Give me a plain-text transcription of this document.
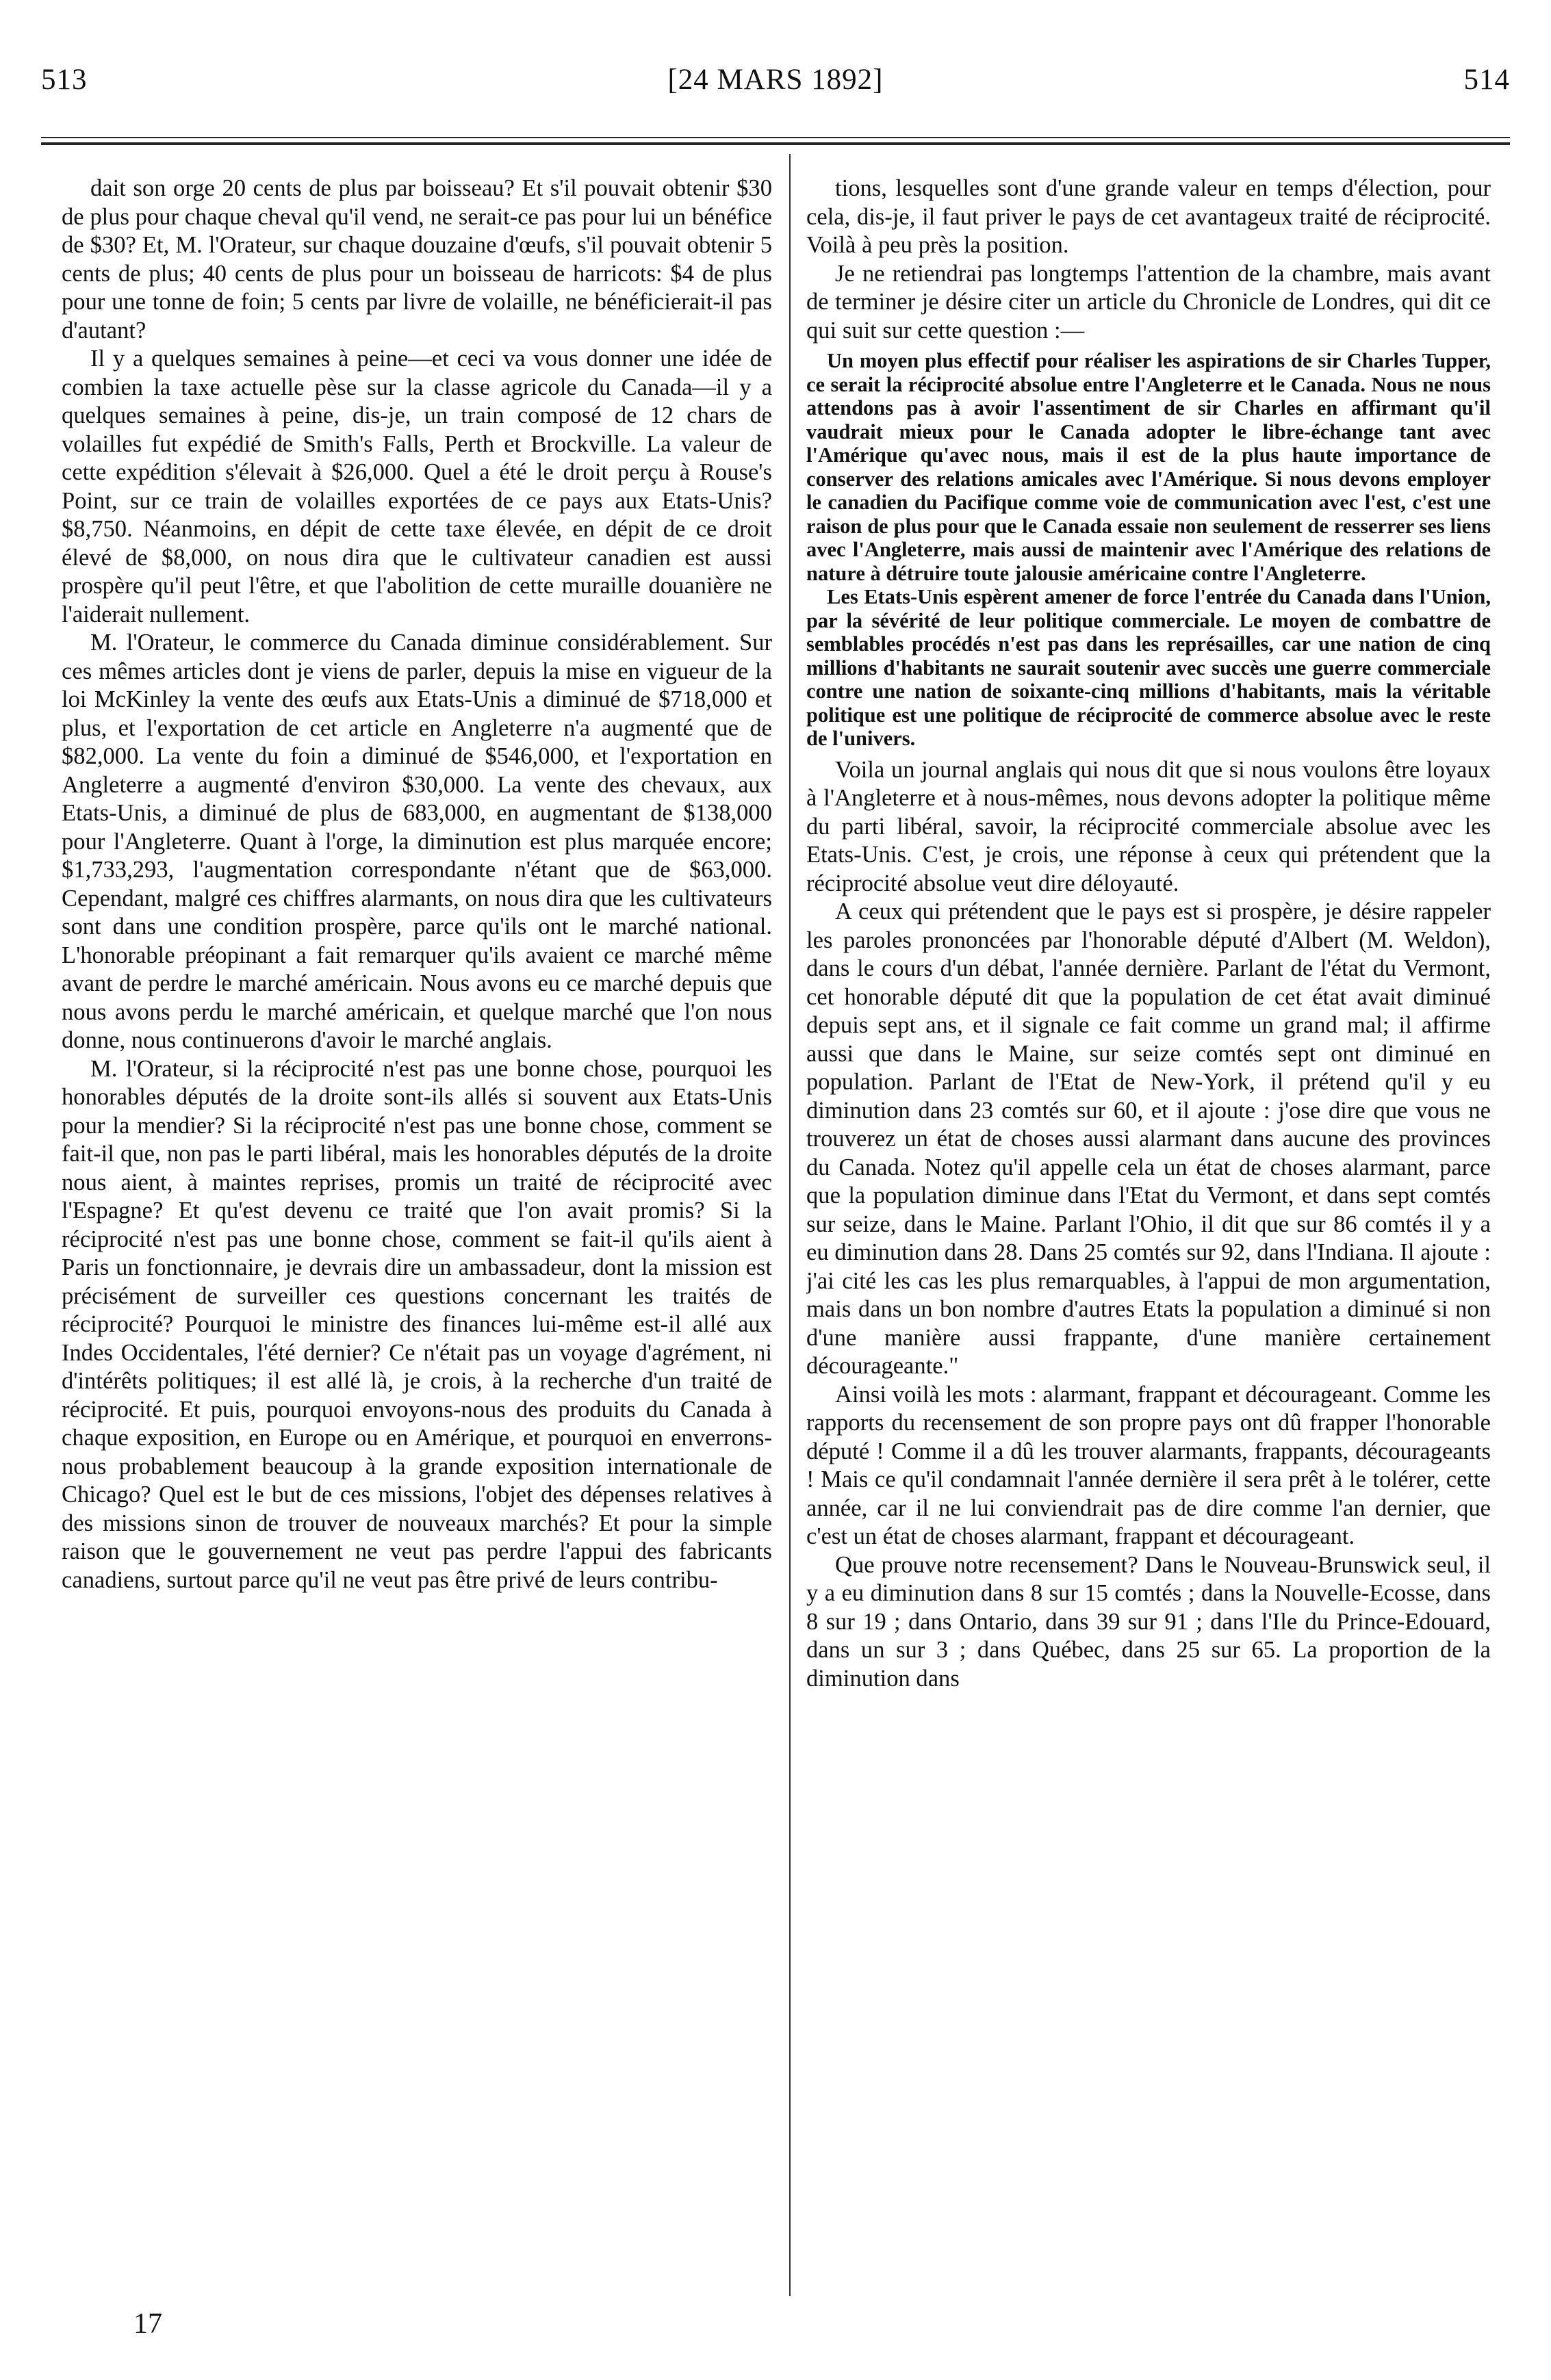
513	[24 MARS 1892]	514

dait son orge 20 cents de plus par boisseau? Et s'il pouvait obtenir $30 de plus pour chaque cheval qu'il vend, ne serait-ce pas pour lui un bénéfice de $30? Et, M. l'Orateur, sur chaque douzaine d'œufs, s'il pouvait obtenir 5 cents de plus; 40 cents de plus pour un boisseau de harricots: $4 de plus pour une tonne de foin; 5 cents par livre de volaille, ne bénéficierait-il pas d'autant?

Il y a quelques semaines à peine—et ceci va vous donner une idée de combien la taxe actuelle pèse sur la classe agricole du Canada—il y a quelques semaines à peine, dis-je, un train composé de 12 chars de volailles fut expédié de Smith's Falls, Perth et Brockville. La valeur de cette expédition s'élevait à $26,000. Quel a été le droit perçu à Rouse's Point, sur ce train de volailles exportées de ce pays aux Etats-Unis? $8,750. Néanmoins, en dépit de cette taxe élevée, en dépit de ce droit élevé de $8,000, on nous dira que le cultivateur canadien est aussi prospère qu'il peut l'être, et que l'abolition de cette muraille douanière ne l'aiderait nullement.

M. l'Orateur, le commerce du Canada diminue considérablement. Sur ces mêmes articles dont je viens de parler, depuis la mise en vigueur de la loi McKinley la vente des œufs aux Etats-Unis a diminué de $718,000 et plus, et l'exportation de cet article en Angleterre n'a augmenté que de $82,000. La vente du foin a diminué de $546,000, et l'exportation en Angleterre a augmenté d'environ $30,000. La vente des chevaux, aux Etats-Unis, a diminué de plus de 683,000, en augmentant de $138,000 pour l'Angleterre. Quant à l'orge, la diminution est plus marquée encore; $1,733,293, l'augmentation correspondante n'étant que de $63,000. Cependant, malgré ces chiffres alarmants, on nous dira que les cultivateurs sont dans une condition prospère, parce qu'ils ont le marché national. L'honorable préopinant a fait remarquer qu'ils avaient ce marché même avant de perdre le marché américain. Nous avons eu ce marché depuis que nous avons perdu le marché américain, et quelque marché que l'on nous donne, nous continuerons d'avoir le marché anglais.

M. l'Orateur, si la réciprocité n'est pas une bonne chose, pourquoi les honorables députés de la droite sont-ils allés si souvent aux Etats-Unis pour la mendier? Si la réciprocité n'est pas une bonne chose, comment se fait-il que, non pas le parti libéral, mais les honorables députés de la droite nous aient, à maintes reprises, promis un traité de réciprocité avec l'Espagne? Et qu'est devenu ce traité que l'on avait promis? Si la réciprocité n'est pas une bonne chose, comment se fait-il qu'ils aient à Paris un fonctionnaire, je devrais dire un ambassadeur, dont la mission est précisément de surveiller ces questions concernant les traités de réciprocité? Pourquoi le ministre des finances lui-même est-il allé aux Indes Occidentales, l'été dernier? Ce n'était pas un voyage d'agrément, ni d'intérêts politiques; il est allé là, je crois, à la recherche d'un traité de réciprocité. Et puis, pourquoi envoyons-nous des produits du Canada à chaque exposition, en Europe ou en Amérique, et pourquoi en enverrons-nous probablement beaucoup à la grande exposition internationale de Chicago? Quel est le but de ces missions, l'objet des dépenses relatives à des missions sinon de trouver de nouveaux marchés? Et pour la simple raison que le gouvernement ne veut pas perdre l'appui des fabricants canadiens, surtout parce qu'il ne veut pas être privé de leurs contribu-

tions, lesquelles sont d'une grande valeur en temps d'élection, pour cela, dis-je, il faut priver le pays de cet avantageux traité de réciprocité. Voilà à peu près la position.

Je ne retiendrai pas longtemps l'attention de la chambre, mais avant de terminer je désire citer un article du Chronicle de Londres, qui dit ce qui suit sur cette question :—

Un moyen plus effectif pour réaliser les aspirations de sir Charles Tupper, ce serait la réciprocité absolue entre l'Angleterre et le Canada. Nous ne nous attendons pas à avoir l'assentiment de sir Charles en affirmant qu'il vaudrait mieux pour le Canada adopter le libre-échange tant avec l'Amérique qu'avec nous, mais il est de la plus haute importance de conserver des relations amicales avec l'Amérique. Si nous devons employer le canadien du Pacifique comme voie de communication avec l'est, c'est une raison de plus pour que le Canada essaie non seulement de resserrer ses liens avec l'Angleterre, mais aussi de maintenir avec l'Amérique des relations de nature à détruire toute jalousie américaine contre l'Angleterre.

Les Etats-Unis espèrent amener de force l'entrée du Canada dans l'Union, par la sévérité de leur politique commerciale. Le moyen de combattre de semblables procédés n'est pas dans les représailles, car une nation de cinq millions d'habitants ne saurait soutenir avec succès une guerre commerciale contre une nation de soixante-cinq millions d'habitants, mais la véritable politique est une politique de réciprocité de commerce absolue avec le reste de l'univers.

Voila un journal anglais qui nous dit que si nous voulons être loyaux à l'Angleterre et à nous-mêmes, nous devons adopter la politique même du parti libéral, savoir, la réciprocité commerciale absolue avec les Etats-Unis. C'est, je crois, une réponse à ceux qui prétendent que la réciprocité absolue veut dire déloyauté.

A ceux qui prétendent que le pays est si prospère, je désire rappeler les paroles prononcées par l'honorable député d'Albert (M. Weldon), dans le cours d'un débat, l'année dernière. Parlant de l'état du Vermont, cet honorable député dit que la population de cet état avait diminué depuis sept ans, et il signale ce fait comme un grand mal; il affirme aussi que dans le Maine, sur seize comtés sept ont diminué en population. Parlant de l'Etat de New-York, il prétend qu'il y eu diminution dans 23 comtés sur 60, et il ajoute : j'ose dire que vous ne trouverez un état de choses aussi alarmant dans aucune des provinces du Canada. Notez qu'il appelle cela un état de choses alarmant, parce que la population diminue dans l'Etat du Vermont, et dans sept comtés sur seize, dans le Maine. Parlant l'Ohio, il dit que sur 86 comtés il y a eu diminution dans 28. Dans 25 comtés sur 92, dans l'Indiana. Il ajoute : j'ai cité les cas les plus remarquables, à l'appui de mon argumentation, mais dans un bon nombre d'autres Etats la population a diminué si non d'une manière aussi frappante, d'une manière certainement décourageante."

Ainsi voilà les mots : alarmant, frappant et décourageant. Comme les rapports du recensement de son propre pays ont dû frapper l'honorable député ! Comme il a dû les trouver alarmants, frappants, décourageants ! Mais ce qu'il condamnait l'année dernière il sera prêt à le tolérer, cette année, car il ne lui conviendrait pas de dire comme l'an dernier, que c'est un état de choses alarmant, frappant et décourageant.

Que prouve notre recensement? Dans le Nouveau-Brunswick seul, il y a eu diminution dans 8 sur 15 comtés ; dans la Nouvelle-Ecosse, dans 8 sur 19 ; dans Ontario, dans 39 sur 91 ; dans l'Ile du Prince-Edouard, dans un sur 3 ; dans Québec, dans 25 sur 65. La proportion de la diminution dans

17
